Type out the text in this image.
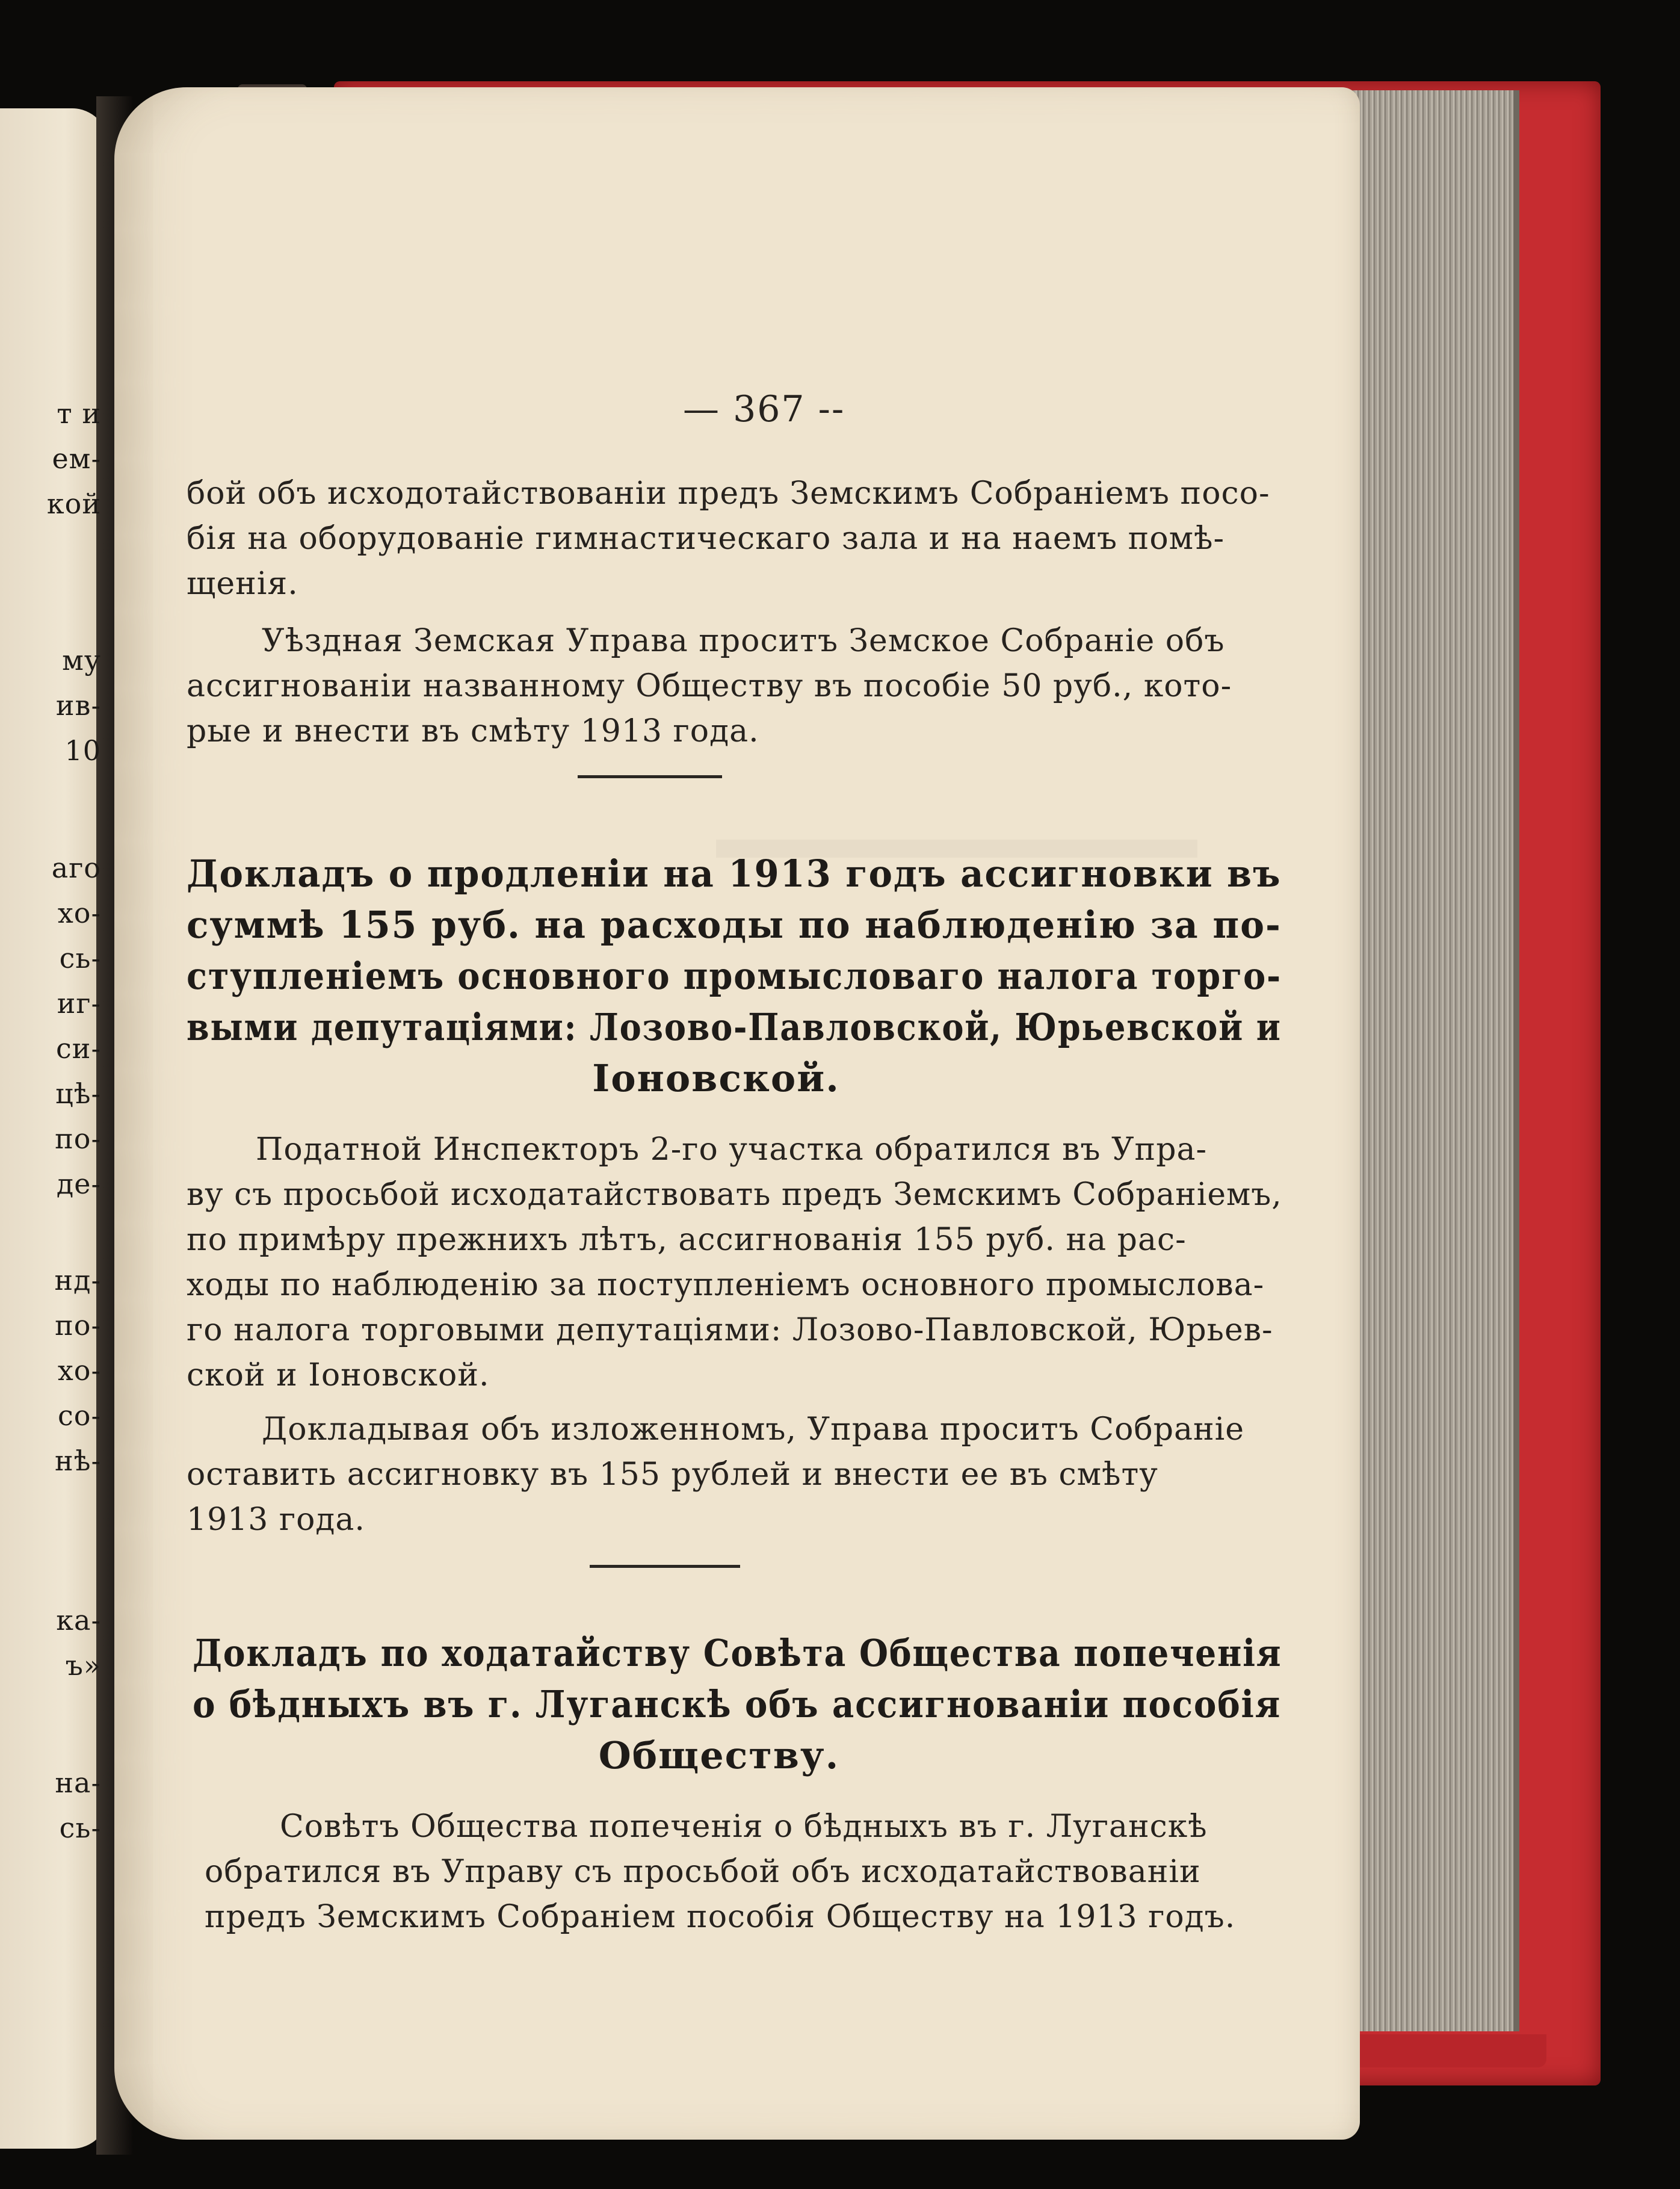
т и
ем-
кой
му
ив-
10
аго
хо-
сь-
иг-
си-
цѣ-
по-
де-
нд-
по-
хо-
со-
нѣ-
ка-
ъ»
на-
сь-
— 367 --
бой объ исходотайствованіи предъ Земскимъ Собраніемъ посо-
бія на оборудованіе гимнастическаго зала и на наемъ помѣ-
щенія.
Уѣздная Земская Управа проситъ Земское Собраніе объ
ассигнованіи названному Обществу въ пособіе 50 руб., кото-
рые и внести въ смѣту 1913 года.
Докладъ о продленіи на 1913 годъ ассигновки въ
суммѣ 155 руб. на расходы по наблюденію за по-
ступленіемъ основного промысловаго налога торго-
выми депутаціями: Лозово-Павловской, Юрьевской и
Іоновской.
Податной Инспекторъ 2-го участка обратился въ Упра-
ву съ просьбой исходатайствовать предъ Земскимъ Собраніемъ,
по примѣру прежнихъ лѣтъ, ассигнованія 155 руб. на рас-
ходы по наблюденію за поступленіемъ основного промыслова-
го налога торговыми депутаціями: Лозово-Павловской, Юрьев-
ской и Іоновской.
Докладывая объ изложенномъ, Управа проситъ Собраніе
оставить ассигновку въ 155 рублей и внести ее въ смѣту
1913 года.
Докладъ по ходатайству Совѣта Общества попеченія
о бѣдныхъ въ г. Луганскѣ объ ассигнованіи пособія
Обществу.
Совѣтъ Общества попеченія о бѣдныхъ въ г. Луганскѣ
обратился въ Управу съ просьбой объ исходатайствованіи
предъ Земскимъ Собраніем пособія Обществу на 1913 годъ.
